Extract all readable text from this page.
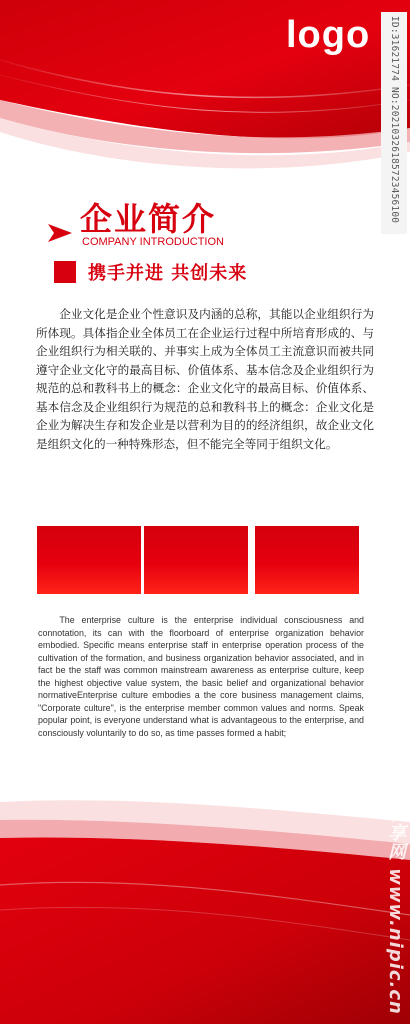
logo	ID:31621774 NO:20210326185723456100
企业简介
COMPANY INTRODUCTION
携手并进 共创未来

企业文化是企业个性意识及内涵的总称，其能以企业组织行为所体现。具体指企业全体员工在企业运行过程中所培育形成的、与企业组织行为相关联的、并事实上成为全体员工主流意识而被共同遵守企业文化守的最高目标、价值体系、基本信念及企业组织行为规范的总和教科书上的概念：企业文化守的最高目标、价值体系、基本信念及企业组织行为规范的总和教科书上的概念：企业文化是企业为解决生存和发企业是以营利为目的的经济组织，故企业文化是组织文化的一种特殊形态，但不能完全等同于组织文化。

The enterprise culture is the enterprise individual consciousness and connotation, its can with the floorboard of enterprise organization behavior embodied. Specific means enterprise staff in enterprise operation process of the cultivation of the formation, and business organization behavior associated, and in fact be the staff was common mainstream awareness as enterprise culture, keep the highest objective value system, the basic belief and organizational behavior normativeEnterprise culture embodies a the core business management claims, "Corporate culture", is the enterprise member common values and norms. Speak popular point, is everyone understand what is advantageous to the enterprise, and consciously voluntarily to do so, as time passes formed a habit;

昵享网 www.nipic.cn
